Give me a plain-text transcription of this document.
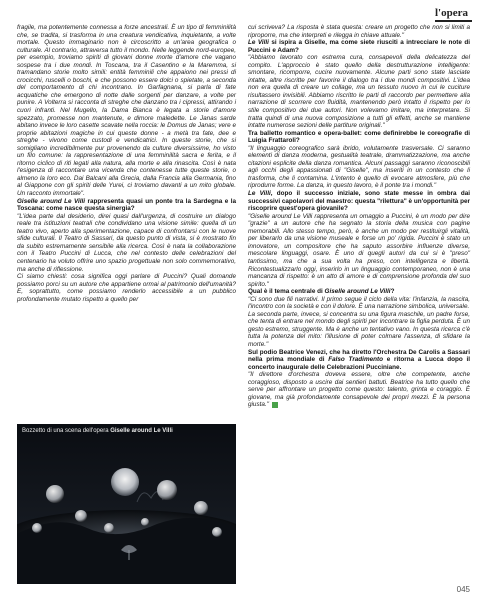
l'opera

fragile, ma potentemente connessa a forze ancestrali. È un tipo di femminilità che, se tradita, si trasforma in una creatura vendicativa, inquietante, a volte mortale. Questo immaginario non è circoscritto a un'area geografica o culturale. Al contrario, attraversa tutto il mondo. Nelle leggende nord-europee, per esempio, troviamo spiriti di giovani donne morte d'amore che vagano sospese tra i due mondi. In Toscana, tra il Casentino e la Maremma, si tramandano storie molto simili: entità femminili che appaiono nei pressi di crocicchi, ruscelli o boschi, e che possono essere dolci o spietate, a seconda del comportamento di chi incontrano. In Garfagnana, si parla di fate acquatiche che emergono di notte dalle sorgenti per danzare, a volte per punire. A Volterra si racconta di streghe che danzano tra i cipressi, attirando i cuori infranti. Nel Mugello, la Dama Bianca è legata a storie d'amore spezzato, promesse non mantenute, e dimore maledette. Le Janas sarde abitano invece le loro casette scavate nella roccia: le Domus de Janas; vere e proprie abitazioni magiche in cui queste donne - a metà tra fate, dee e streghe - vivono come custodi e vendicatrici. In queste storie, che si somigliano incredibilmente pur provenendo da culture diversissime, ho visto un filo comune: la rappresentazione di una femminilità sacra e ferita, e il ritorno ciclico di riti legati alla natura, alla morte e alla rinascita. Così è nata l'esigenza di raccontare una vicenda che contenesse tutte queste storie, o almeno la loro eco. Dai Balcani alla Grecia, dalla Francia alla Germania, fino al Giappone con gli spiriti delle Yurei, ci troviamo davanti a un mito globale. Un racconto immortale".

Giselle around Le Villi rappresenta quasi un ponte tra la Sardegna e la Toscana: come nasce questa sinergia?

"L'idea parte dal desiderio, direi quasi dall'urgenza, di costruire un dialogo reale tra istituzioni teatrali che condividano una visione simile: quella di un teatro vivo, aperto alla sperimentazione, capace di confrontarsi con le nuove sfide culturali. Il Teatro di Sassari, da questo punto di vista, si è mostrato fin da subito estremamente sensibile alla ricerca. Così è nata la collaborazione con il Teatro Puccini di Lucca, che nel contesto delle celebrazioni del centenario ha voluto offrire uno spazio progettuale non solo commemorativo, ma anche di riflessione.

Ci siamo chiesti: cosa significa oggi parlare di Puccini? Quali domande possiamo porci su un autore che appartiene ormai al patrimonio dell'umanità? E, soprattutto, come possiamo renderlo accessibile a un pubblico profondamente mutato rispetto a quello per

Bozzetto di una scena dell'opera Giselle around Le Villi

cui scriveva? La risposta è stata questa: creare un progetto che non si limiti a riproporre, ma che interpreti e rilegga in chiave attuale."

Le Villi si ispira a Giselle, ma come siete riusciti a intrecciare le note di Puccini e Adam?

"Abbiamo lavorato con estrema cura, consapevoli della delicatezza del compito. L'approccio è stato quello della destrutturazione intelligente: smontare, ricomporre, cucire nuovamente. Alcune parti sono state lasciate intatte, altre riscritte per favorire il dialogo tra i due mondi compositivi. L'idea non era quella di creare un collage, ma un tessuto nuovo in cui le cuciture risultassero invisibili. Abbiamo riscritto le parti di raccordo per permettere alla narrazione di scorrere con fluidità, mantenendo però intatto il rispetto per lo stile compositivo dei due autori. Non volevamo imitare, ma interpretare. Si tratta quindi di una nuova composizione a tutti gli effetti, anche se mantiene intatte numerose sezioni delle partiture originali."

Tra balletto romantico e opera-ballet: come definirebbe le coreografie di Luigia Frattaroli?

"Il linguaggio coreografico sarà ibrido, volutamente trasversale. Ci saranno elementi di danza moderna, gestualità teatrale, drammatizzazione, ma anche citazioni esplicite della danza romantica. Alcuni passaggi saranno riconoscibili agli occhi degli appassionati di "Giselle", ma inseriti in un contesto che li trasforma, che li contamina. L'intento è quello di evocare atmosfere, più che riprodurre forme. La danza, in questo lavoro, è il ponte tra i mondi."

Le Villi, dopo il successo iniziale, sono state messe in ombra dai successivi capolavori del maestro: questa "rilettura" è un'opportunità per riscoprire quest'opera giovanile?

"Giselle around Le Villi rappresenta un omaggio a Puccini, è un modo per dire "grazie" a un autore che ha segnato la storia della musica con pagine memorabili. Allo stesso tempo, però, è anche un modo per restituirgli vitalità, per liberarlo da una visione museale e forse un po' rigida. Puccini è stato un innovatore, un compositore che ha saputo assorbire influenze diverse, mescolare linguaggi, osare. È uno di quegli autori da cui si è "preso" tantissimo, ma che a sua volta ha preso, con intelligenza e libertà. Ricontestualizzarlo oggi, inserirlo in un linguaggio contemporaneo, non è una mancanza di rispetto: è un atto di amore e di comprensione profonda del suo spirito."

Qual è il tema centrale di Giselle around Le Villi?

"Ci sono due fili narrativi. Il primo segue il ciclo della vita: l'infanzia, la nascita, l'incontro con la società e con il dolore. È una narrazione simbolica, universale.

La seconda parte, invece, si concentra su una figura maschile, un padre forse, che tenta di entrare nel mondo degli spiriti per incontrare la figlia perduta. È un gesto estremo, struggente. Ma è anche un tentativo vano. In questa ricerca c'è tutta la potenza del mito: l'illusione di poter colmare l'assenza, di sfidare la morte."

Sul podio Beatrice Venezi, che ha diretto l'Orchestra De Carolis a Sassari nella prima mondiale di Falso Tradimento e ritorna a Lucca dopo il concerto inaugurale delle Celebrazioni Pucciniane.

"Il direttore d'orchestra doveva essere, oltre che competente, anche coraggioso, disposto a uscire dai sentieri battuti. Beatrice ha tutto quello che serve per affrontare un progetto come questo: talento, grinta e coraggio. È giovane, ma già profondamente consapevole dei propri mezzi. È la persona giusta."

045
